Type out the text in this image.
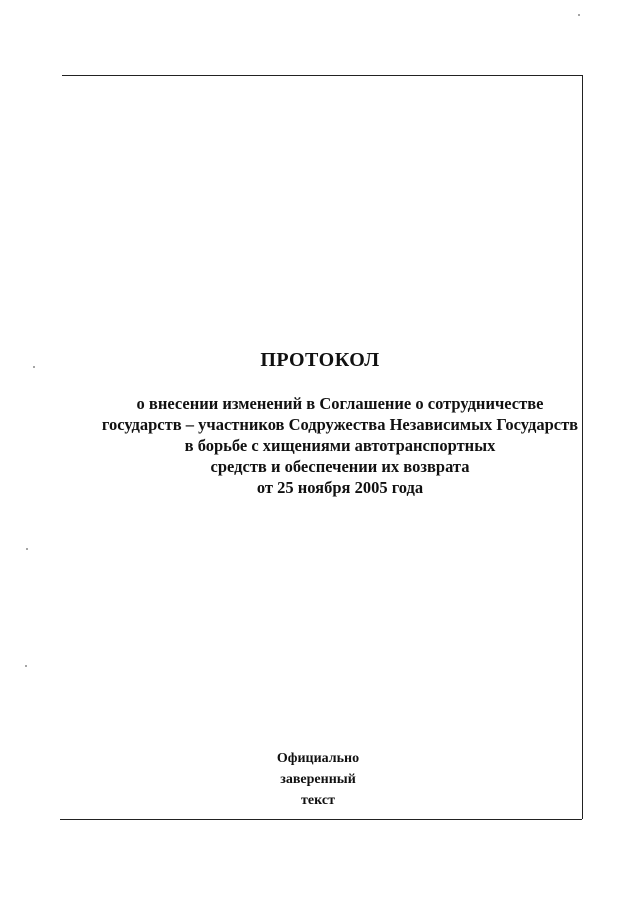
ПРОТОКОЛ
о внесении изменений в Соглашение о сотрудничестве
государств – участников Содружества Независимых Государств
в борьбе с хищениями автотранспортных
средств и обеспечении их возврата
от 25 ноября 2005 года
Официально
заверенный
текст
